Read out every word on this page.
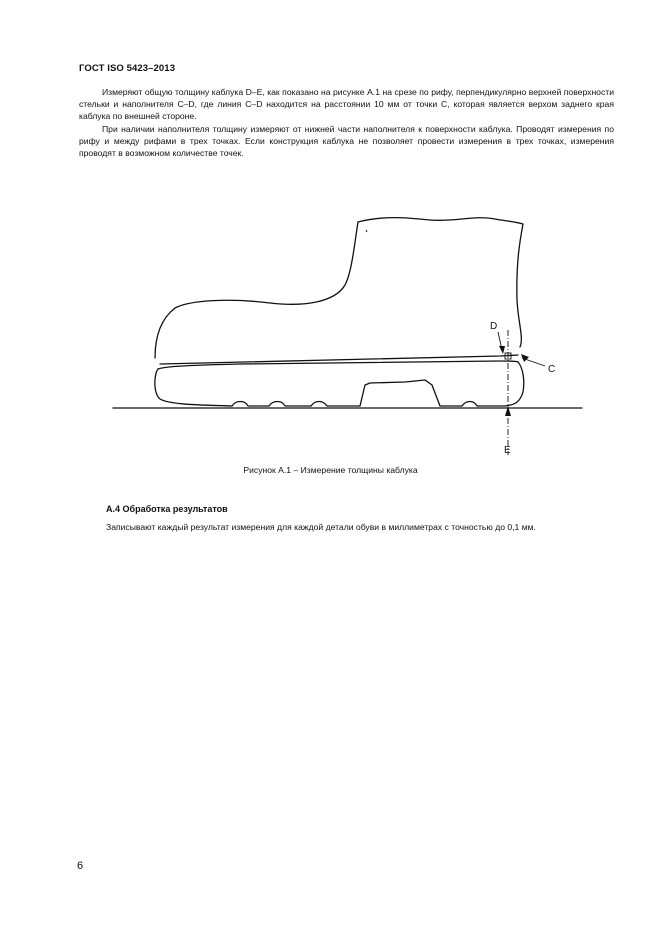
ГОСТ ISO 5423–2013

Измеряют общую толщину каблука D–E, как показано на рисунке А.1 на срезе по рифу, перпендикулярно верхней поверхности стельки и наполнителя C–D, где линия C–D находится на расстоянии 10 мм от точки C, которая является верхом заднего края каблука по внешней стороне.

При наличии наполнителя толщину измеряют от нижней части наполнителя к поверхности каблука. Проводят измерения по рифу и между рифами в трех точках. Если конструкция каблука не позволяет провести измерения в трех точках, измерения проводят в возможном количестве точек.

D
C
E
Рисунок А.1 – Измерение толщины каблука
А.4 Обработка результатов
Записывают каждый результат измерения для каждой детали обуви в миллиметрах с точностью до 0,1 мм.
6
